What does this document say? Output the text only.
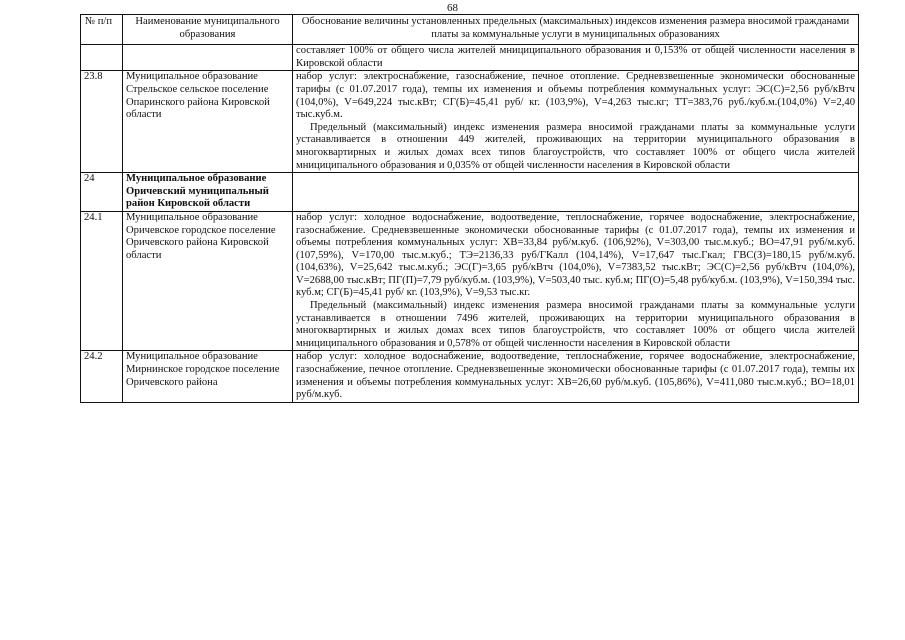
68
№ п/п	Наименование муниципального образования	Обоснование величины установленных предельных (максимальных) индексов изменения размера вносимой гражданами платы за коммунальные услуги в муниципальных образованиях

		составляет 100% от общего числа жителей мнициципального образования и 0,153% от общей численности населения в Кировской области

23.8	Муниципальное образование Стрельское сельское поселение Опаринского района Кировской области	набор услуг: электроснабжение, газоснабжение, печное отопление. Средневзвешенные экономически обоснованные тарифы (с 01.07.2017 года), темпы их изменения и объемы потребления коммунальных услуг: ЭС(С)=2,56 руб/кВтч (104,0%), V=649,224 тыс.кВт; СГ(Б)=45,41 руб/ кг. (103,9%), V=4,263 тыс.кг; ТТ=383,76 руб./куб.м.(104,0%) V=2,40 тыс.куб.м.

Предельный (максимальный) индекс изменения размера вносимой гражданами платы за коммунальные услуги устанавливается в отношении 449 жителей, проживающих на территории муниципального образования в многоквартирных и жилых домах всех типов благоустройств, что составляет 100% от общего числа жителей мнициципального образования и 0,035% от общей численности населения в Кировской области

24	Муниципальное образование Оричевский муниципальный район Кировской области	
24.1	Муниципальное образование Оричевское городское поселение Оричевского района Кировской области	набор услуг: холодное водоснабжение, водоотведение, теплоснабжение, горячее водоснабжение, электроснабжение, газоснабжение. Средневзвешенные экономически обоснованные тарифы (с 01.07.2017 года), темпы их изменения и объемы потребления коммунальных услуг: ХВ=33,84 руб/м.куб. (106,92%), V=303,00 тыс.м.куб.; ВО=47,91 руб/м.куб. (107,59%), V=170,00 тыс.м.куб.; ТЭ=2136,33 руб/ГКалл (104,14%), V=17,647 тыс.Гкал; ГВС(З)=180,15 руб/м.куб. (104,63%), V=25,642 тыс.м.куб.; ЭС(Г)=3,65 руб/кВтч (104,0%), V=7383,52 тыс.кВт; ЭС(С)=2,56 руб/кВтч (104,0%), V=2688,00 тыс.кВт; ПГ(П)=7,79 руб/куб.м. (103,9%), V=503,40 тыс. куб.м; ПГ(О)=5,48 руб/куб.м. (103,9%), V=150,394 тыс. куб.м; СГ(Б)=45,41 руб/ кг. (103,9%), V=9,53 тыс.кг.

Предельный (максимальный) индекс изменения размера вносимой гражданами платы за коммунальные услуги устанавливается в отношении 7496 жителей, проживающих на территории муниципального образования в многоквартирных и жилых домах всех типов благоустройств, что составляет 100% от общего числа жителей мнициципального образования и 0,578% от общей численности населения в Кировской области

24.2	Муниципальное образование Мирнинское городское поселение Оричевского района	набор услуг: холодное водоснабжение, водоотведение, теплоснабжение, горячее водоснабжение, электроснабжение, газоснабжение, печное отопление. Средневзвешенные экономически обоснованные тарифы (с 01.07.2017 года), темпы их изменения и объемы потребления коммунальных услуг: ХВ=26,60 руб/м.куб. (105,86%), V=411,080 тыс.м.куб.; ВО=18,01 руб/м.куб.
